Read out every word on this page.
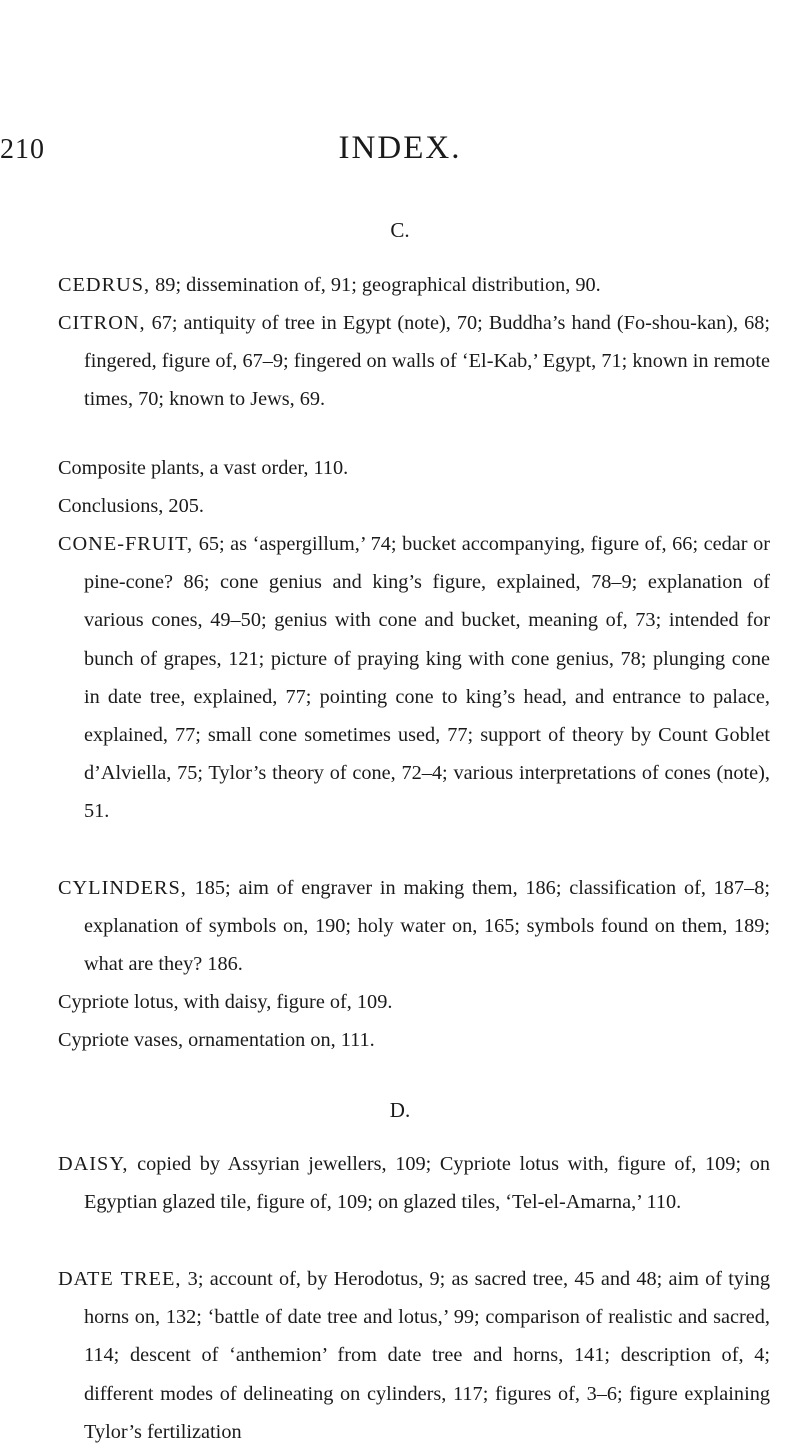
210	INDEX.

C.

CEDRUS, 89; dissemination of, 91; geographical distribution, 90.

CITRON, 67; antiquity of tree in Egypt (note), 70; Buddha’s hand (Fo-shou-kan), 68; fingered, figure of, 67–9; fingered on walls of ‘El-Kab,’ Egypt, 71; known in remote times, 70; known to Jews, 69.

Composite plants, a vast order, 110.

Conclusions, 205.

CONE-FRUIT, 65; as ‘aspergillum,’ 74; bucket accompanying, figure of, 66; cedar or pine-cone? 86; cone genius and king’s figure, explained, 78–9; explanation of various cones, 49–50; genius with cone and bucket, meaning of, 73; intended for bunch of grapes, 121; picture of praying king with cone genius, 78; plunging cone in date tree, explained, 77; pointing cone to king’s head, and entrance to palace, explained, 77; small cone sometimes used, 77; support of theory by Count Goblet d’Alviella, 75; Tylor’s theory of cone, 72–4; various interpretations of cones (note), 51.

CYLINDERS, 185; aim of engraver in making them, 186; classification of, 187–8; explanation of symbols on, 190; holy water on, 165; symbols found on them, 189; what are they? 186.

Cypriote lotus, with daisy, figure of, 109.

Cypriote vases, ornamentation on, 111.

D.

DAISY, copied by Assyrian jewellers, 109; Cypriote lotus with, figure of, 109; on Egyptian glazed tile, figure of, 109; on glazed tiles, ‘Tel-el-Amarna,’ 110.

DATE TREE, 3; account of, by Herodotus, 9; as sacred tree, 45 and 48; aim of tying horns on, 132; ‘battle of date tree and lotus,’ 99; comparison of realistic and sacred, 114; descent of ‘anthemion’ from date tree and horns, 141; description of, 4; different modes of delineating on cylinders, 117; figures of, 3–6; figure explaining Tylor’s fertilization
